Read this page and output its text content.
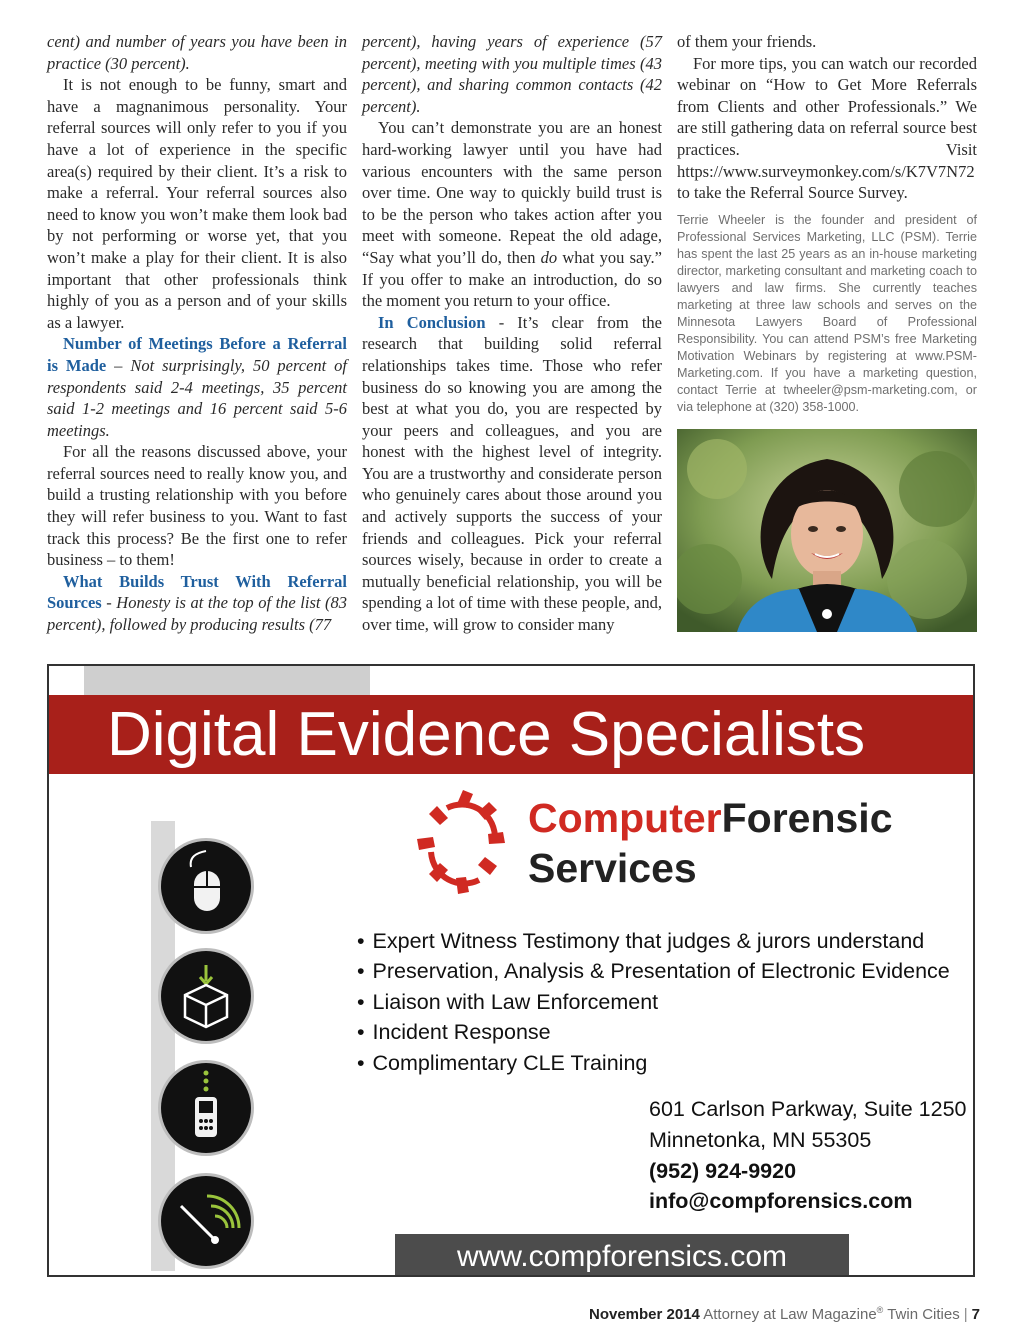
cent) and number of years you have been in practice (30 percent).

It is not enough to be funny, smart and have a magnanimous personality. Your referral sources will only refer to you if you have a lot of experience in the specific area(s) required by their client. It’s a risk to make a referral. Your referral sources also need to know you won’t make them look bad by not performing or worse yet, that you won’t make a play for their client. It is also important that other professionals think highly of you as a person and of your skills as a lawyer.

Number of Meetings Before a Referral is Made – Not surprisingly, 50 percent of respondents said 2-4 meetings, 35 percent said 1-2 meetings and 16 percent said 5-6 meetings.

For all the reasons discussed above, your referral sources need to really know you, and build a trusting relationship with you before they will refer business to you. Want to fast track this process? Be the first one to refer business – to them!

What Builds Trust With Referral Sources - Honesty is at the top of the list (83 percent), followed by producing results (77

percent), having years of experience (57 percent), meeting with you multiple times (43 percent), and sharing common contacts (42 percent).

You can’t demonstrate you are an honest hard-working lawyer until you have had various encounters with the same person over time. One way to quickly build trust is to be the person who takes action after you meet with someone. Repeat the old adage, “Say what you’ll do, then do what you say.” If you offer to make an introduction, do so the moment you return to your office.

In Conclusion - It’s clear from the research that building solid referral relationships takes time. Those who refer business do so knowing you are among the best at what you do, you are respected by your peers and colleagues, and you are honest with the highest level of integrity. You are a trustworthy and considerate person who genuinely cares about those around you and actively supports the success of your friends and colleagues. Pick your referral sources wisely, because in order to create a mutually beneficial relationship, you will be spending a lot of time with these people, and, over time, will grow to consider many

of them your friends.

For more tips, you can watch our recorded webinar on “How to Get More Referrals from Clients and other Professionals.” We are still gathering data on referral source best practices. Visit https://www.surveymonkey.com/s/K7V7N72 to take the Referral Source Survey.

Terrie Wheeler is the founder and president of Professional Services Marketing, LLC (PSM). Terrie has spent the last 25 years as an in-house marketing director, marketing consultant and marketing coach to lawyers and law firms. She currently teaches marketing at three law schools and serves on the Minnesota Lawyers Board of Professional Responsibility. You can attend PSM’s free Marketing Motivation Webinars by registering at www.PSM-Marketing.com. If you have a marketing question, contact Terrie at twheeler@psm-marketing.com, or via telephone at (320) 358-1000.
Digital Evidence Specialists
ComputerForensic
Services
• Expert Witness Testimony that judges & jurors understand
• Preservation, Analysis & Presentation of Electronic Evidence
• Liaison with Law Enforcement
• Incident Response
• Complimentary CLE Training
601 Carlson Parkway, Suite 1250
Minnetonka, MN 55305
(952) 924-9920
info@compforensics.com
www.compforensics.com
November 2014 Attorney at Law Magazine® Twin Cities | 7
